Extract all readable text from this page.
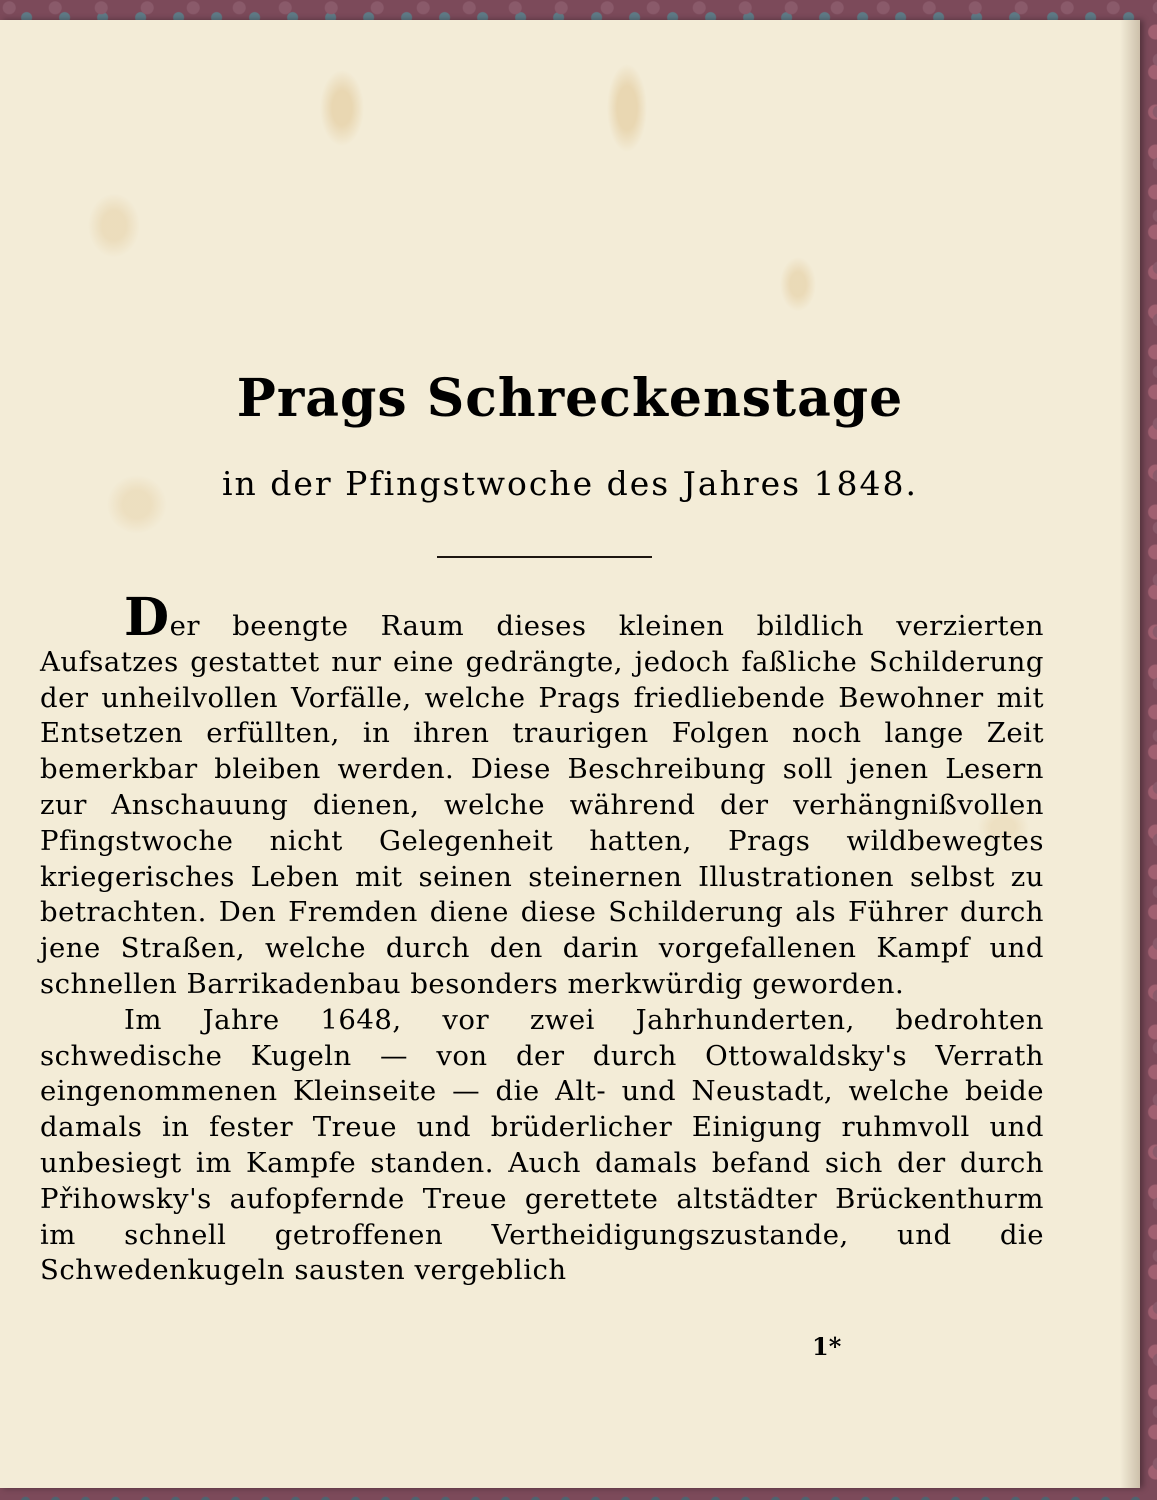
Prags Schreckenstage
in der Pfingstwoche des Jahres 1848.

Der beengte Raum dieses kleinen bildlich verzierten Aufsatzes gestattet nur eine gedrängte, jedoch faßliche Schilderung der unheilvollen Vorfälle, welche Prags friedliebende Bewohner mit Entsetzen erfüllten, in ihren traurigen Folgen noch lange Zeit bemerkbar bleiben werden. Diese Beschreibung soll jenen Lesern zur Anschauung dienen, welche während der verhängnißvollen Pfingstwoche nicht Gelegenheit hatten, Prags wildbewegtes kriegerisches Leben mit seinen steinernen Illustrationen selbst zu betrachten. Den Fremden diene diese Schilderung als Führer durch jene Straßen, welche durch den darin vorgefallenen Kampf und schnellen Barrikadenbau besonders merkwürdig geworden.

Im Jahre 1648, vor zwei Jahrhunderten, bedrohten schwedische Kugeln — von der durch Ottowaldsky's Verrath eingenommenen Kleinseite — die Alt- und Neustadt, welche beide damals in fester Treue und brüderlicher Einigung ruhmvoll und unbesiegt im Kampfe standen. Auch damals befand sich der durch Přihowsky's aufopfernde Treue gerettete altstädter Brückenthurm im schnell getroffenen Vertheidigungszustande, und die Schwedenkugeln sausten vergeblich

1*
